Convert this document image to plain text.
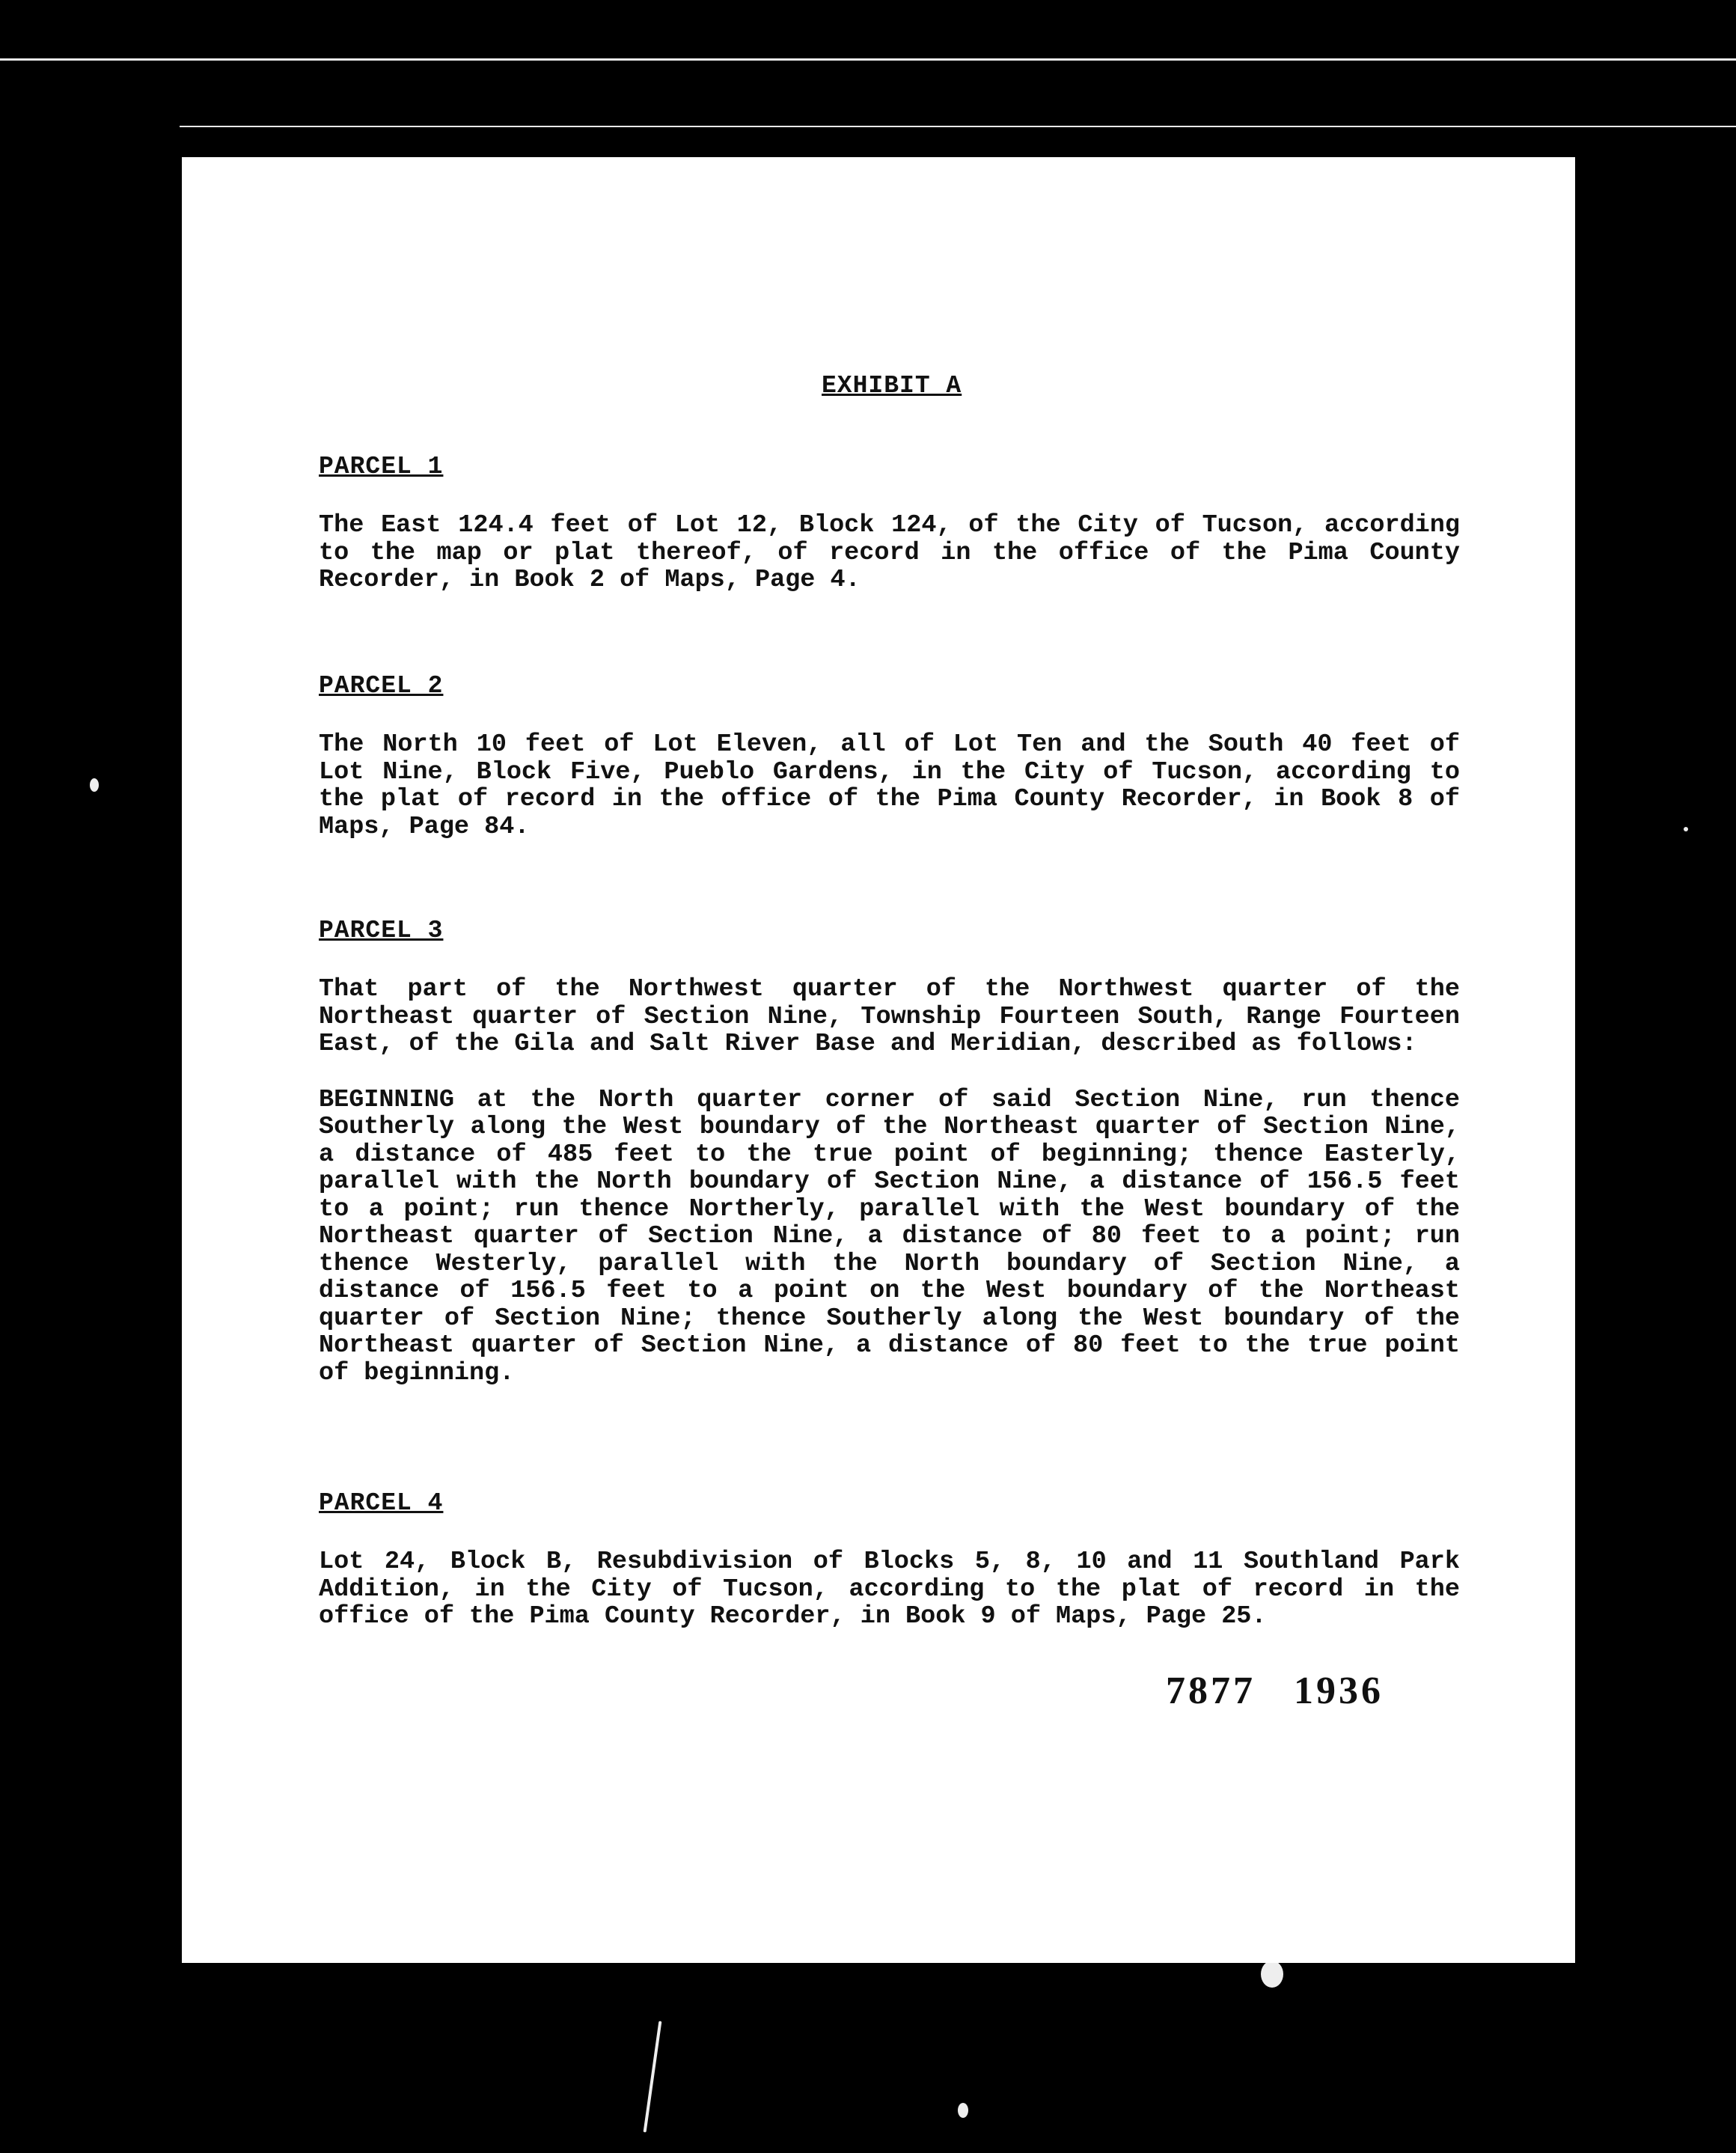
EXHIBIT A
PARCEL 1

The East 124.4 feet of Lot 12, Block 124, of the City of Tucson, according to the map or plat thereof, of record in the office of the Pima County Recorder, in Book 2 of Maps, Page 4.

PARCEL 2

The North 10 feet of Lot Eleven, all of Lot Ten and the South 40 feet of Lot Nine, Block Five, Pueblo Gardens, in the City of Tucson, according to the plat of record in the office of the Pima County Recorder, in Book 8 of Maps, Page 84.

PARCEL 3

That part of the Northwest quarter of the Northwest quarter of the Northeast quarter of Section Nine, Township Fourteen South, Range Fourteen East, of the Gila and Salt River Base and Meridian, described as follows:

BEGINNING at the North quarter corner of said Section Nine, run thence Southerly along the West boundary of the Northeast quarter of Section Nine, a distance of 485 feet to the true point of beginning; thence Easterly, parallel with the North boundary of Section Nine, a distance of 156.5 feet to a point; run thence Northerly, parallel with the West boundary of the Northeast quarter of Section Nine, a distance of 80 feet to a point; run thence Westerly, parallel with the North boundary of Section Nine, a distance of 156.5 feet to a point on the West boundary of the Northeast quarter of Section Nine; thence Southerly along the West boundary of the Northeast quarter of Section Nine, a distance of 80 feet to the true point of beginning.

PARCEL 4

Lot 24, Block B, Resubdivision of Blocks 5, 8, 10 and 11 Southland Park Addition, in the City of Tucson, according to the plat of record in the office of the Pima County Recorder, in Book 9 of Maps, Page 25.

7877 1936
